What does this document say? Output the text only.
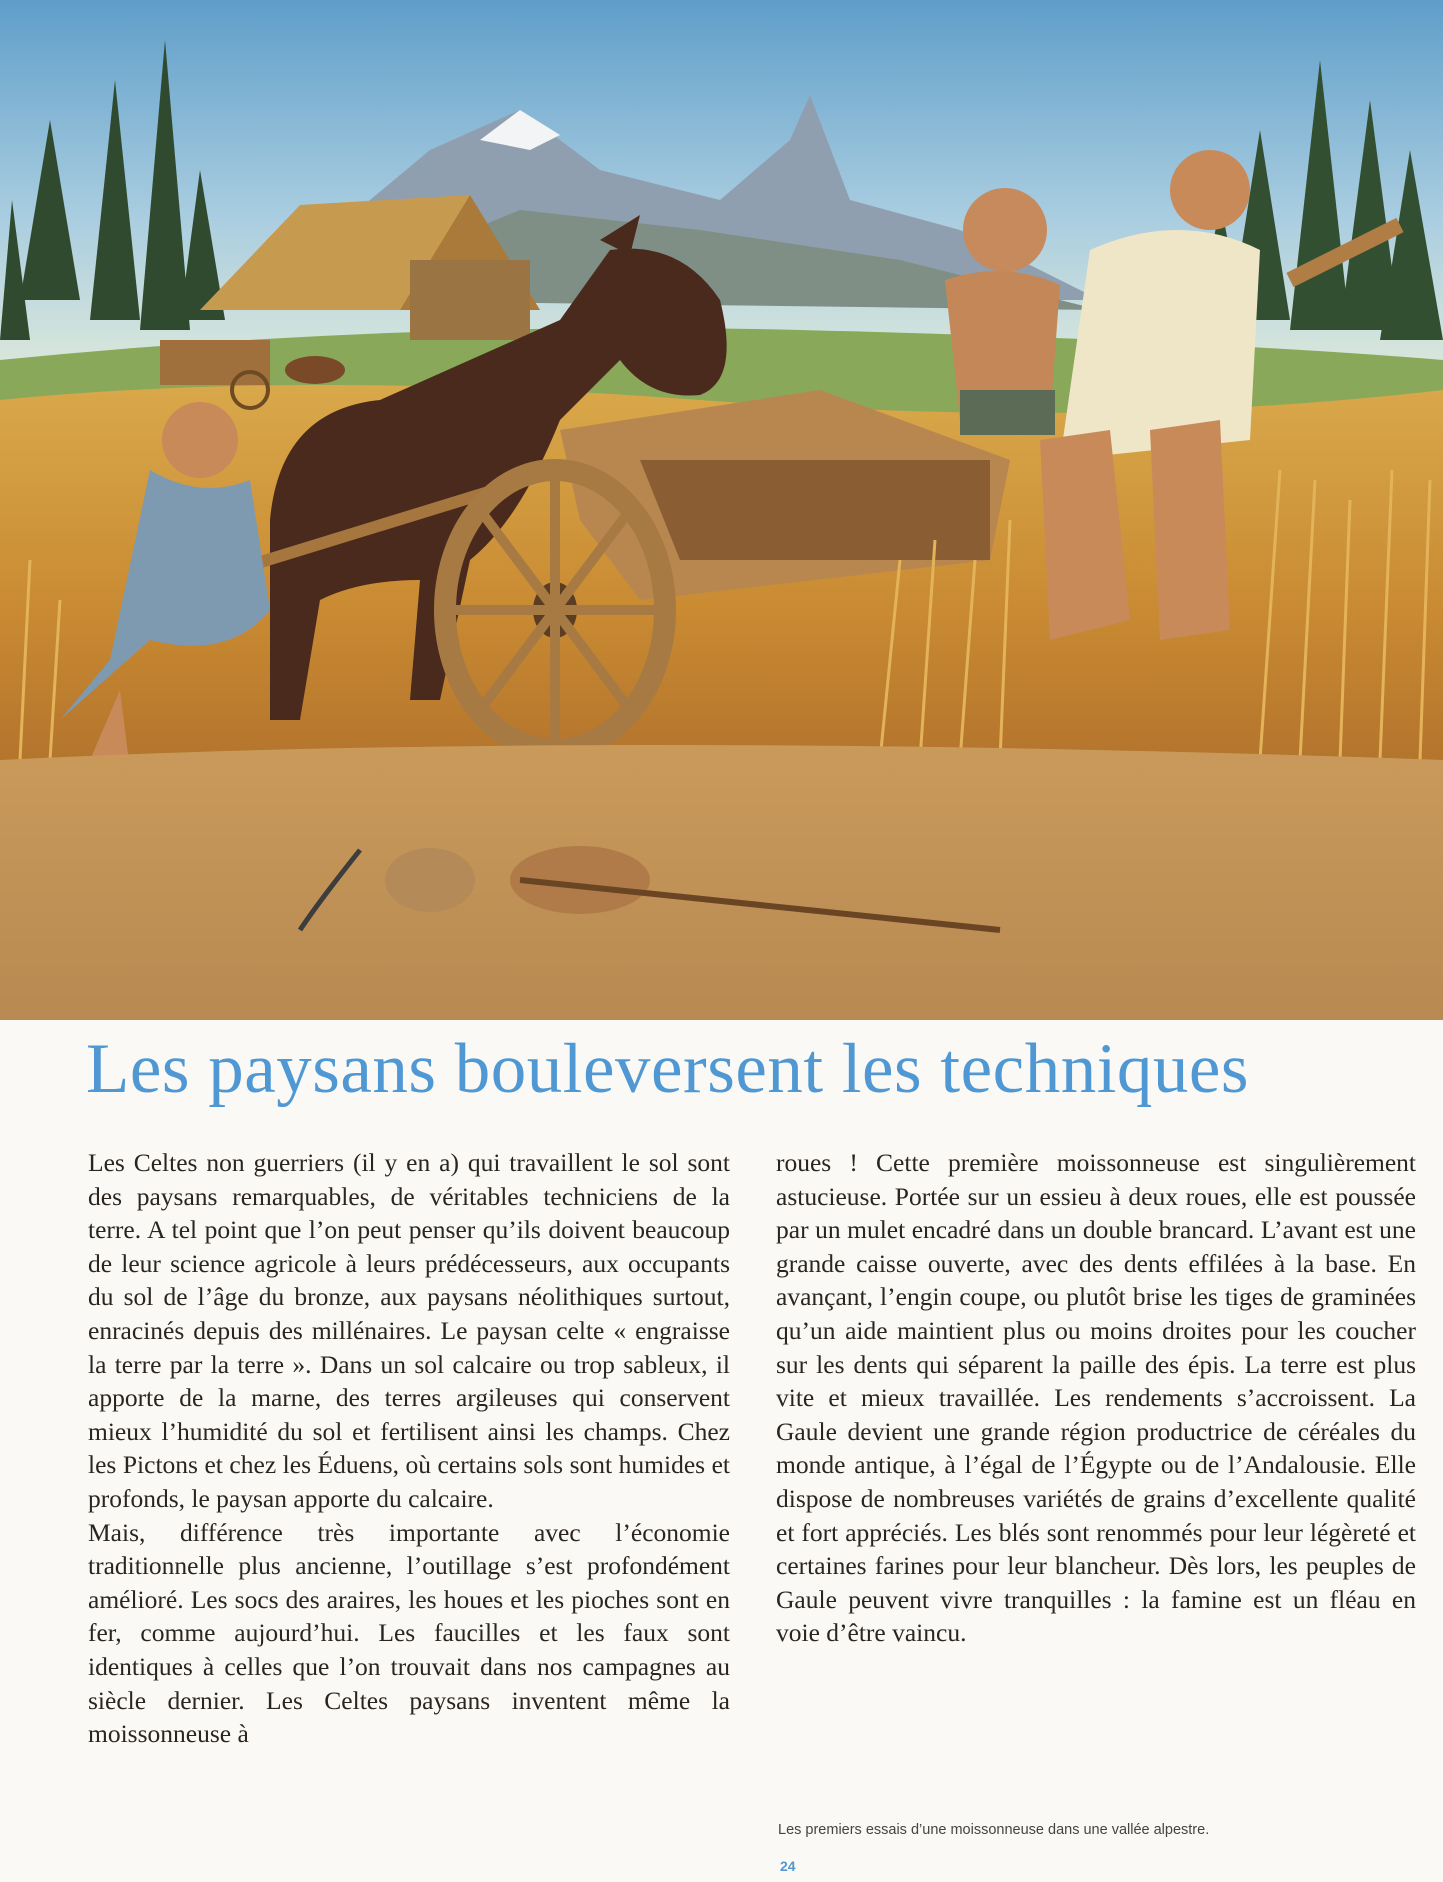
Les paysans bouleversent les techniques

Les Celtes non guerriers (il y en a) qui travaillent le sol sont des paysans remarquables, de véritables techniciens de la terre. A tel point que l’on peut penser qu’ils doivent beaucoup de leur science agricole à leurs prédécesseurs, aux occupants du sol de l’âge du bronze, aux paysans néolithiques surtout, enracinés depuis des millénaires. Le paysan celte « engraisse la terre par la terre ». Dans un sol calcaire ou trop sableux, il apporte de la marne, des terres argileuses qui conservent mieux l’humidité du sol et fertilisent ainsi les champs. Chez les Pictons et chez les Éduens, où certains sols sont humides et profonds, le paysan apporte du calcaire.

Mais, différence très importante avec l’économie traditionnelle plus ancienne, l’outillage s’est profondément amélioré. Les socs des araires, les houes et les pioches sont en fer, comme aujourd’hui. Les faucilles et les faux sont identiques à celles que l’on trouvait dans nos campagnes au siècle dernier. Les Celtes paysans inventent même la moissonneuse à

roues ! Cette première moissonneuse est singulièrement astucieuse. Portée sur un essieu à deux roues, elle est poussée par un mulet encadré dans un double brancard. L’avant est une grande caisse ouverte, avec des dents effilées à la base. En avançant, l’engin coupe, ou plutôt brise les tiges de graminées qu’un aide maintient plus ou moins droites pour les coucher sur les dents qui séparent la paille des épis. La terre est plus vite et mieux travaillée. Les rendements s’accroissent. La Gaule devient une grande région productrice de céréales du monde antique, à l’égal de l’Égypte ou de l’Andalousie. Elle dispose de nombreuses variétés de grains d’excellente qualité et fort appréciés. Les blés sont renommés pour leur légèreté et certaines farines pour leur blancheur. Dès lors, les peuples de Gaule peuvent vivre tranquilles : la famine est un fléau en voie d’être vaincu.

Les premiers essais d’une moissonneuse dans une vallée alpestre.
24
